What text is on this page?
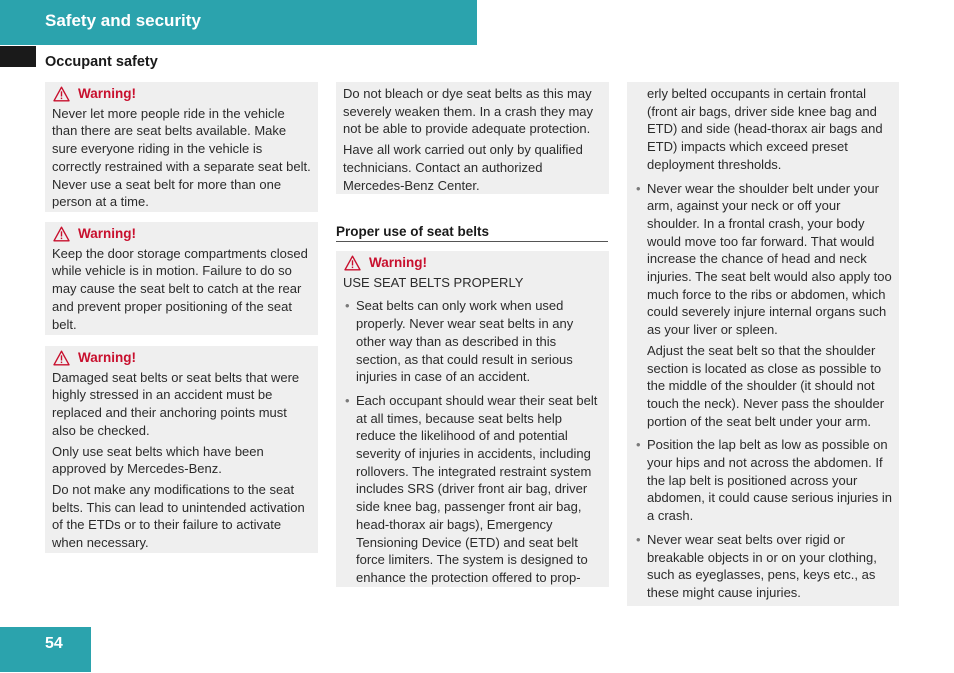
Safety and security
Occupant safety
Warning!

Never let more people ride in the vehicle than there are seat belts available. Make sure everyone riding in the vehicle is correctly restrained with a separate seat belt. Never use a seat belt for more than one person at a time.

Warning!

Keep the door storage compartments closed while vehicle is in motion. Failure to do so may cause the seat belt to catch at the rear and prevent proper positioning of the seat belt.

Warning!

Damaged seat belts or seat belts that were highly stressed in an accident must be replaced and their anchoring points must also be checked.

Only use seat belts which have been approved by Mercedes-Benz.

Do not make any modifications to the seat belts. This can lead to unintended activation of the ETDs or to their failure to activate when necessary.

Do not bleach or dye seat belts as this may severely weaken them. In a crash they may not be able to provide adequate protection.

Have all work carried out only by qualified technicians. Contact an authorized Mercedes-Benz Center.

Proper use of seat belts
Warning!

USE SEAT BELTS PROPERLY

• Seat belts can only work when used properly. Never wear seat belts in any other way than as described in this section, as that could result in serious injuries in case of an accident.
• Each occupant should wear their seat belt at all times, because seat belts help reduce the likelihood of and potential severity of injuries in accidents, including rollovers. The integrated restraint system includes SRS (driver front air bag, driver side knee bag, passenger front air bag, head-thorax air bags), Emergency Tensioning Device (ETD) and seat belt force limiters. The system is designed to enhance the protection offered to prop-

erly belted occupants in certain frontal (front air bags, driver side knee bag and ETD) and side (head-thorax air bags and ETD) impacts which exceed preset deployment thresholds.

• Never wear the shoulder belt under your arm, against your neck or off your shoulder. In a frontal crash, your body would move too far forward. That would increase the chance of head and neck injuries. The seat belt would also apply too much force to the ribs or abdomen, which could severely injure internal organs such as your liver or spleen.

Adjust the seat belt so that the shoulder section is located as close as possible to the middle of the shoulder (it should not touch the neck). Never pass the shoulder portion of the seat belt under your arm.

• Position the lap belt as low as possible on your hips and not across the abdomen. If the lap belt is positioned across your abdomen, it could cause serious injuries in a crash.
• Never wear seat belts over rigid or breakable objects in or on your clothing, such as eyeglasses, pens, keys etc., as these might cause injuries.
54
